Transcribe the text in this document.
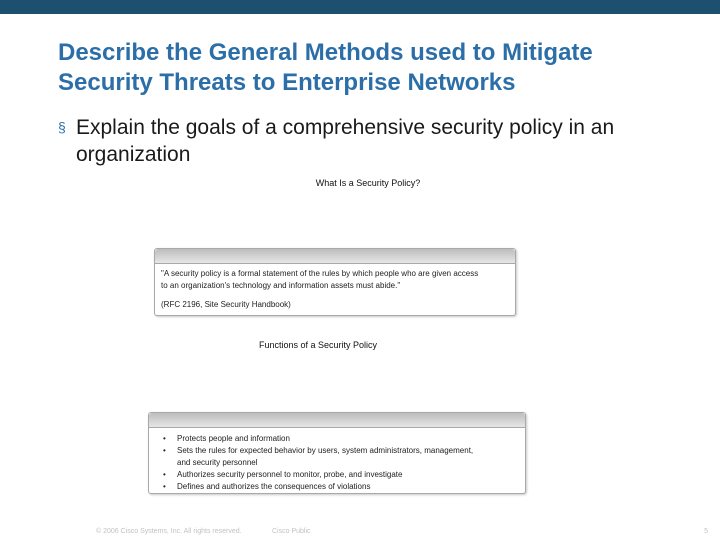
Describe the General Methods used to Mitigate
Security Threats to Enterprise Networks
§ Explain the goals of a comprehensive security policy in an organization
What Is a Security Policy?

"A security policy is a formal statement of the rules by which people who are given access

to an organization's technology and information assets must abide."

(RFC 2196, Site Security Handbook)

Functions of a Security Policy
• Protects people and information
• Sets the rules for expected behavior by users, system administrators, management,
and security personnel
• Authorizes security personnel to monitor, probe, and investigate
• Defines and authorizes the consequences of violations
© 2006 Cisco Systems, Inc. All rights reserved.	Cisco Public	5
